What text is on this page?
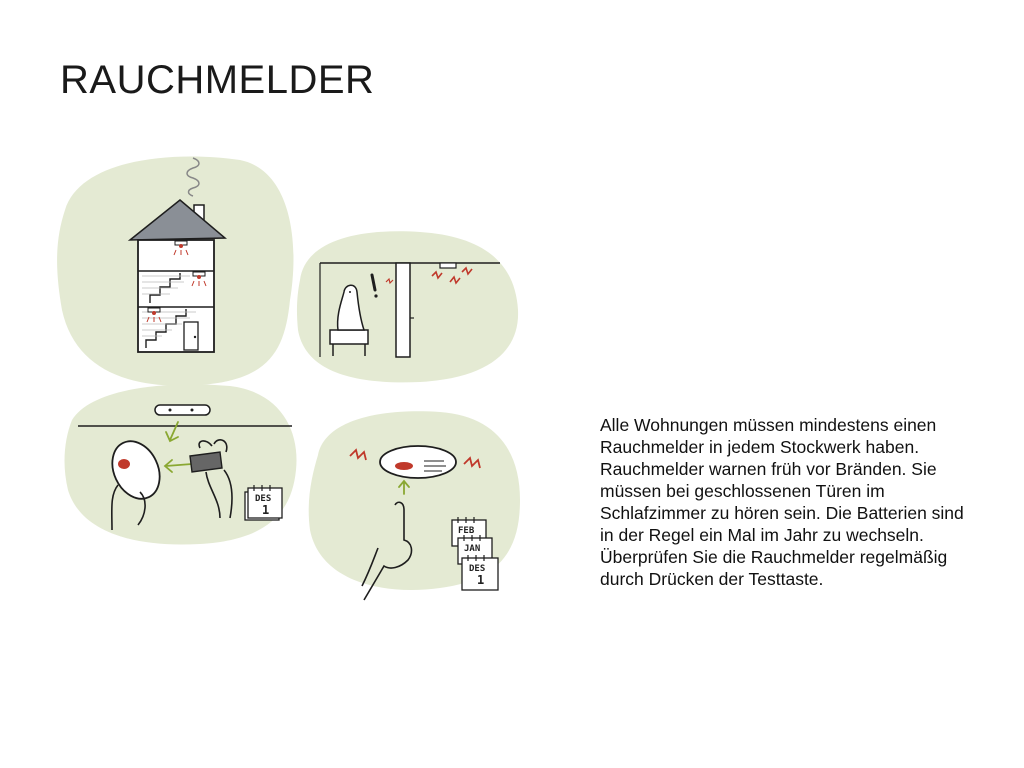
RAUCHMELDER
DES
1
FEB
JAN
DES
1
Alle Wohnungen müssen mindestens einen Rauchmelder in jedem Stockwerk haben. Rauchmelder warnen früh vor Bränden. Sie müssen bei geschlossenen Türen im Schlafzimmer zu hören sein. Die Batterien sind in der Regel ein Mal im Jahr zu wechseln. Überprüfen Sie die Rauchmelder regelmäßig durch Drücken der Testtaste.
